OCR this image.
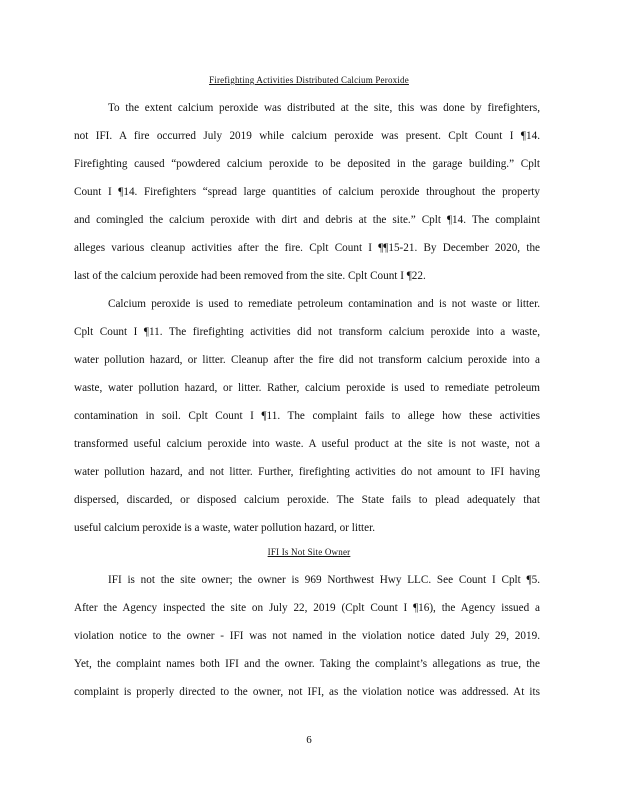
Firefighting Activities Distributed Calcium Peroxide
To the extent calcium peroxide was distributed at the site, this was done by firefighters,
not IFI. A fire occurred July 2019 while calcium peroxide was present. Cplt Count I ¶14.
Firefighting caused “powdered calcium peroxide to be deposited in the garage building.” Cplt
Count I ¶14. Firefighters “spread large quantities of calcium peroxide throughout the property
and comingled the calcium peroxide with dirt and debris at the site.” Cplt ¶14. The complaint
alleges various cleanup activities after the fire. Cplt Count I ¶¶15-21. By December 2020, the
last of the calcium peroxide had been removed from the site. Cplt Count I ¶22.
Calcium peroxide is used to remediate petroleum contamination and is not waste or litter.
Cplt Count I ¶11. The firefighting activities did not transform calcium peroxide into a waste,
water pollution hazard, or litter. Cleanup after the fire did not transform calcium peroxide into a
waste, water pollution hazard, or litter. Rather, calcium peroxide is used to remediate petroleum
contamination in soil. Cplt Count I ¶11. The complaint fails to allege how these activities
transformed useful calcium peroxide into waste. A useful product at the site is not waste, not a
water pollution hazard, and not litter. Further, firefighting activities do not amount to IFI having
dispersed, discarded, or disposed calcium peroxide. The State fails to plead adequately that
useful calcium peroxide is a waste, water pollution hazard, or litter.
IFI Is Not Site Owner
IFI is not the site owner; the owner is 969 Northwest Hwy LLC. See Count I Cplt ¶5.
After the Agency inspected the site on July 22, 2019 (Cplt Count I ¶16), the Agency issued a
violation notice to the owner - IFI was not named in the violation notice dated July 29, 2019.
Yet, the complaint names both IFI and the owner. Taking the complaint’s allegations as true, the
complaint is properly directed to the owner, not IFI, as the violation notice was addressed. At its
6
